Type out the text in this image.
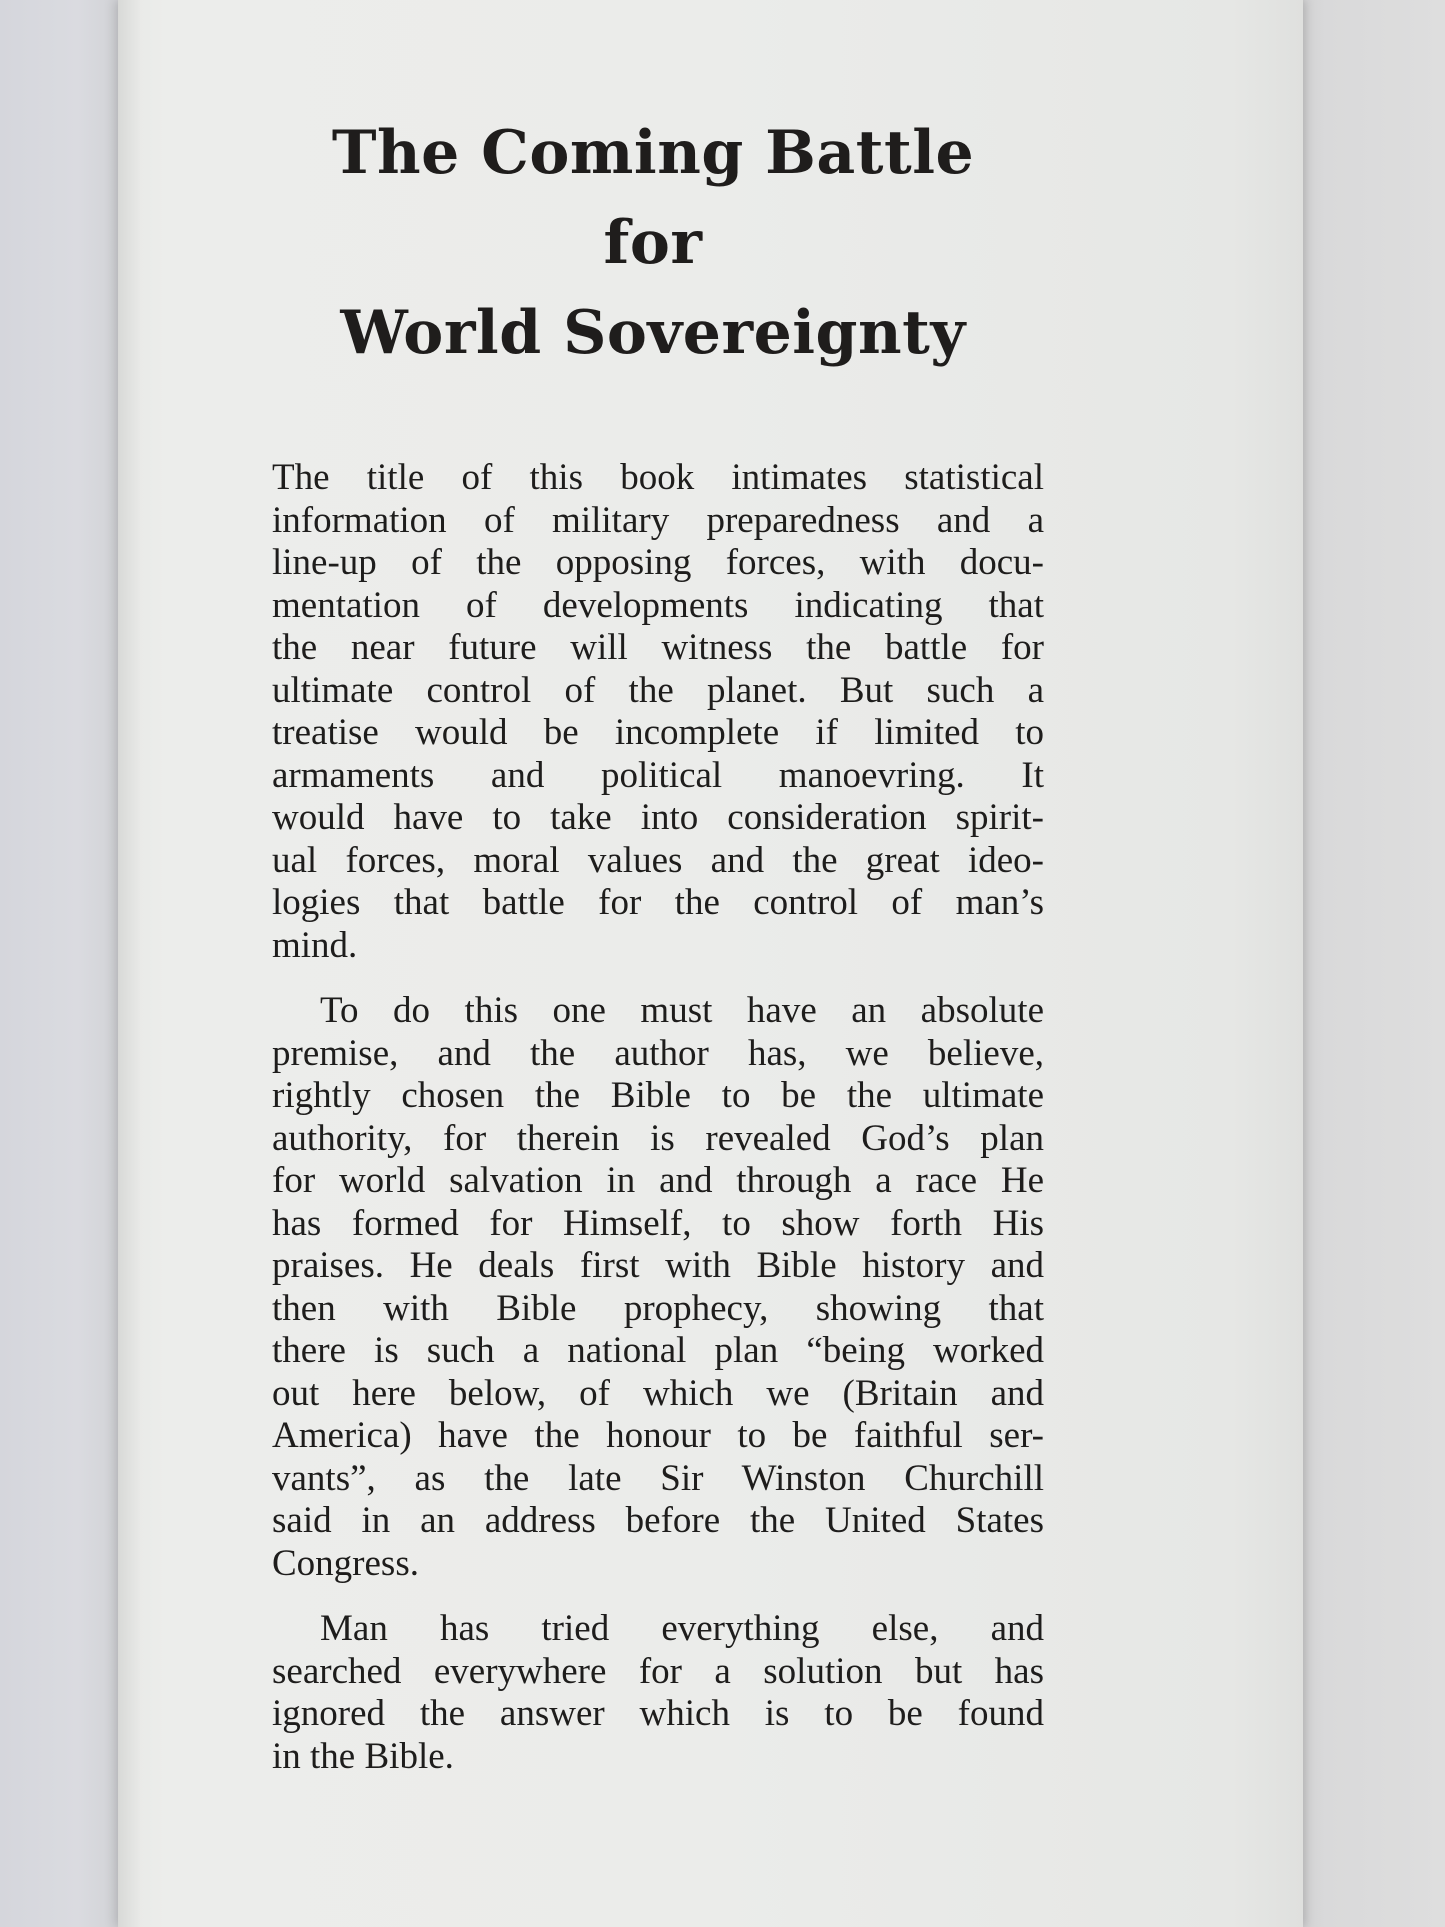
The Coming Battle
for
World Sovereignty
The title of this book intimates statistical
information of military preparedness and a
line-up of the opposing forces, with docu-
mentation of developments indicating that
the near future will witness the battle for
ultimate control of the planet. But such a
treatise would be incomplete if limited to
armaments and political manoevring. It
would have to take into consideration spirit-
ual forces, moral values and the great ideo-
logies that battle for the control of man’s
mind.
To do this one must have an absolute
premise, and the author has, we believe,
rightly chosen the Bible to be the ultimate
authority, for therein is revealed God’s plan
for world salvation in and through a race He
has formed for Himself, to show forth His
praises. He deals first with Bible history and
then with Bible prophecy, showing that
there is such a national plan “being worked
out here below, of which we (Britain and
America) have the honour to be faithful ser-
vants”, as the late Sir Winston Churchill
said in an address before the United States
Congress.
Man has tried everything else, and
searched everywhere for a solution but has
ignored the answer which is to be found
in the Bible.
